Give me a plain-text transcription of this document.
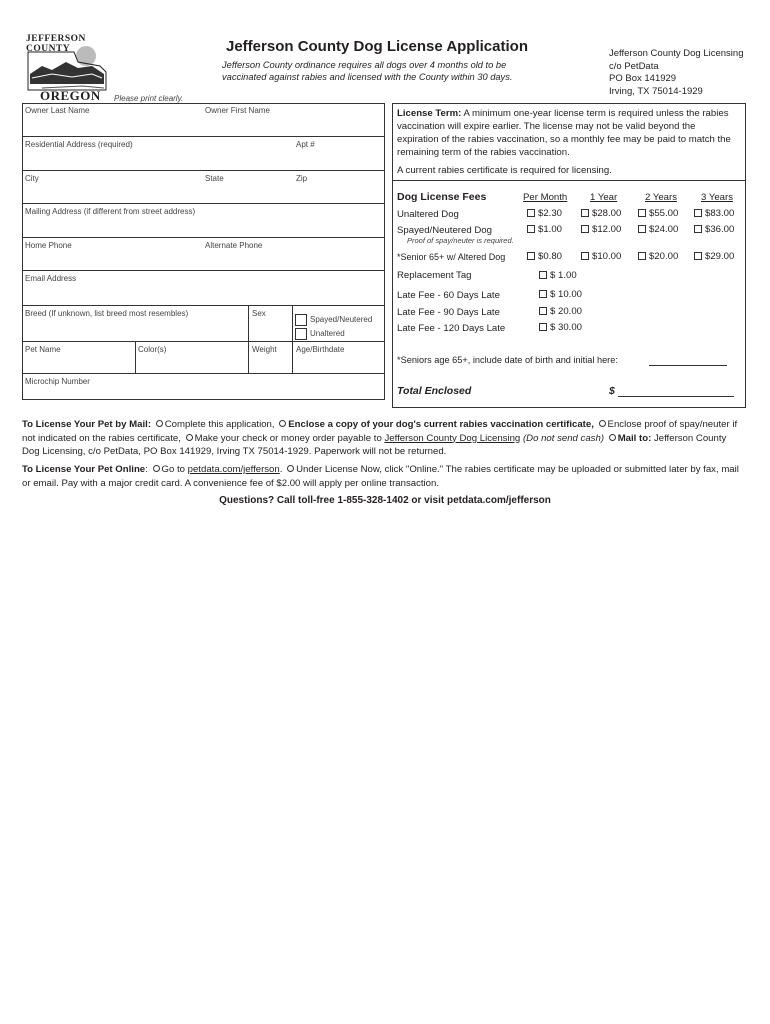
JEFFERSON
COUNTY
OREGON
Jefferson County Dog License Application
Jefferson County ordinance requires all dogs over 4 months old to be
vaccinated against rabies and licensed with the County within 30 days.
Jefferson County Dog Licensing
c/o PetData
PO Box 141929
Irving, TX 75014-1929
Please print clearly.
Owner Last Name	Owner First Name
Residential Address (required)	Apt #
City	State	Zip
Mailing Address (if different from street address)
Home Phone	Alternate Phone
Email Address
Breed (If unknown, list breed most resembles)	Sex
Spayed/Neutered
Unaltered
Pet Name	Color(s)	Weight Age/Birthdate
Microchip Number
License Term: A minimum one-year license term is required unless the rabies vaccination will expire earlier. The license may not be valid beyond the expiration of the rabies vaccination, so a monthly fee may be paid to match the remaining term of the rabies vaccination.
A current rabies certificate is required for licensing.
Dog License Fees	Per Month 1 Year	2 Years 3 Years
Unaltered Dog	$2.30	$28.00	$55.00	$83.00
Spayed/Neutered Dog	$1.00	$12.00	$24.00	$36.00
Proof of spay/neuter is required.
*Senior 65+ w/ Altered Dog	$0.80	$10.00	$20.00	$29.00
Replacement Tag	$ 1.00
Late Fee - 60 Days Late	$ 10.00
Late Fee - 90 Days Late	$ 20.00
Late Fee - 120 Days Late	$ 30.00
*Seniors age 65+, include date of birth and initial here:
Total Enclosed	$
To License Your Pet by Mail: Complete this application, Enclose a copy of your dog's current rabies vaccination certificate, Enclose proof of spay/neuter if not indicated on the rabies certificate, Make your check or money order payable to Jefferson County Dog Licensing (Do not send cash) Mail to: Jefferson County Dog Licensing, c/o PetData, PO Box 141929, Irving TX 75014-1929. Paperwork will not be returned.
To License Your Pet Online: Go to petdata.com/jefferson. Under License Now, click "Online." The rabies certificate may be uploaded or submitted later by fax, mail or email. Pay with a major credit card. A convenience fee of $2.00 will apply per online transaction.
Questions? Call toll-free 1-855-328-1402 or visit petdata.com/jefferson
